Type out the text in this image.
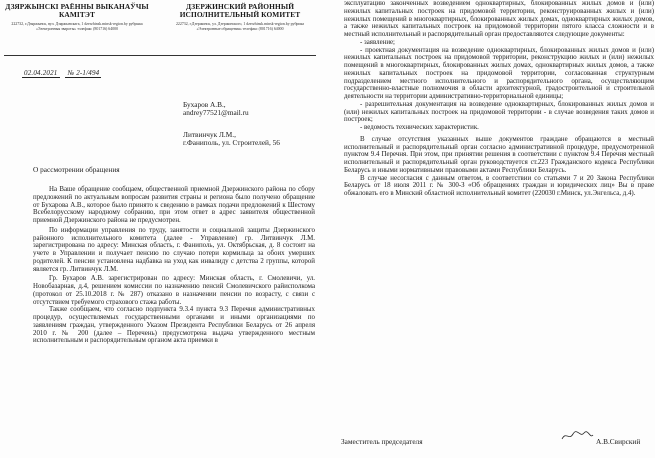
ДЗЯРЖЫНСКI РАЁННЫ ВЫКАНАЎЧЫ КАМIТЭТ
222732, г.Дзяржынск, вул. Дзяржынскага, 1 dzerzhinsk.minsk-region.by рубрыка «Электронныя звароты» тэлефакс (801716) 64000
ДЗЕРЖИНСКИЙ РАЙОННЫЙ ИСПОЛНИТЕЛЬНЫЙ КОМИТЕТ
222732, г.Дзержинск, ул. Дзержинского, 1 dzerzhinsk.minsk-region.by рубрика «Электронные обращения» телефакс (801716) 64000
02.04.2021 № 2-1/494
Бухаров А.В.,
andrey77521@mail.ru
Литвинчук Л.М.,
г.Фаниполь, ул. Строителей, 56
О рассмотрении обращения

На Ваше обращение сообщаем, общественной приемной Дзержинского района по сбору предложений по актуальным вопросам развития страны и региона было получено обращение от Бухарова А.В., которое было принято к сведению в рамках подачи предложений к Шестому Всебелорусскому народному собранию, при этом ответ в адрес заявителя общественной приемной Дзержинского района не предусмотрен.

По информации управления по труду, занятости и социальной защиты Дзержинского районного исполнительного комитета (далее - Управление) гр. Литвинчук Л.М. зарегистрирована по адресу: Минская область, г. Фаниполь, ул. Октябрьская, д. 8 состоит на учете в Управлении и получает пенсию по случаю потери кормильца за обоих умерших родителей. К пенсии установлена надбавка на уход как инвалиду с детства 2 группы, которой является гр. Литвинчук Л.М.

Гр. Бухаров А.В. зарегистрирован по адресу: Минская область, г. Смолевичи, ул. Новобазарная, д.4, решением комиссии по назначению пенсий Смолевичского райисполкома (протокол от 25.10.2018 г. № 287) отказано в назначении пенсии по возрасту, с связи с отсутствием требуемого страхового стажа работы.

Также сообщаем, что согласно подпункта 9.3.4 пункта 9.3 Перечня административных процедур, осуществляемых государственными органами и иными организациями по заявлениям граждан, утвержденного Указом Президента Республики Беларусь от 26 апреля 2010 г. № 200 (далее – Перечень) предусмотрена выдача утвержденного местным исполнительным и распорядительным органом акта приемки в

эксплуатацию законченных возведением одноквартирных, блокированных жилых домов и (или) нежилых капитальных построек на придомовой территории, реконструированных жилых и (или) нежилых помещений в многоквартирных, блокированных жилых домах, одноквартирных жилых домов, а также нежилых капитальных построек на придомовой территории пятого класса сложности и в местный исполнительный и распорядительный орган предоставляются следующие документы:

- заявление;

- проектная документация на возведение одноквартирных, блокированных жилых домов и (или) нежилых капитальных построек на придомовой территории, реконструкцию жилых и (или) нежилых помещений в многоквартирных, блокированных жилых домах, одноквартирных жилых домов, а также нежилых капитальных построек на придомовой территории, согласованная структурным подразделением местного исполнительного и распорядительного органа, осуществляющим государственно-властные полномочия в области архитектурной, градостроительной и строительной деятельности на территории административно-территориальной единицы;

- разрешительная документация на возведение одноквартирных, блокированных жилых домов и (или) нежилых капитальных построек на придомовой территории - в случае возведения таких домов и построек;

- ведомость технических характеристик.

В случае отсутствия указанных выше документов граждане обращаются в местный исполнительный и распорядительный орган согласно административной процедуре, предусмотренной пунктом 9.4 Перечня. При этом, при принятии решения в соответствии с пунктом 9.4 Перечня местный исполнительный и распорядительный орган руководствуется ст.223 Гражданского кодекса Республики Беларусь и иными нормативными правовыми актами Республики Беларусь.

В случае несогласия с данным ответом, в соответствии со статьями 7 и 20 Закона Республики Беларусь от 18 июля 2011 г. № 300-З «Об обращениях граждан и юридических лиц» Вы в праве обжаловать его в Минский областной исполнительный комитет (220030 г.Минск, ул.Энгельса, д.4).

Заместитель председателя	А.В.Свирский
